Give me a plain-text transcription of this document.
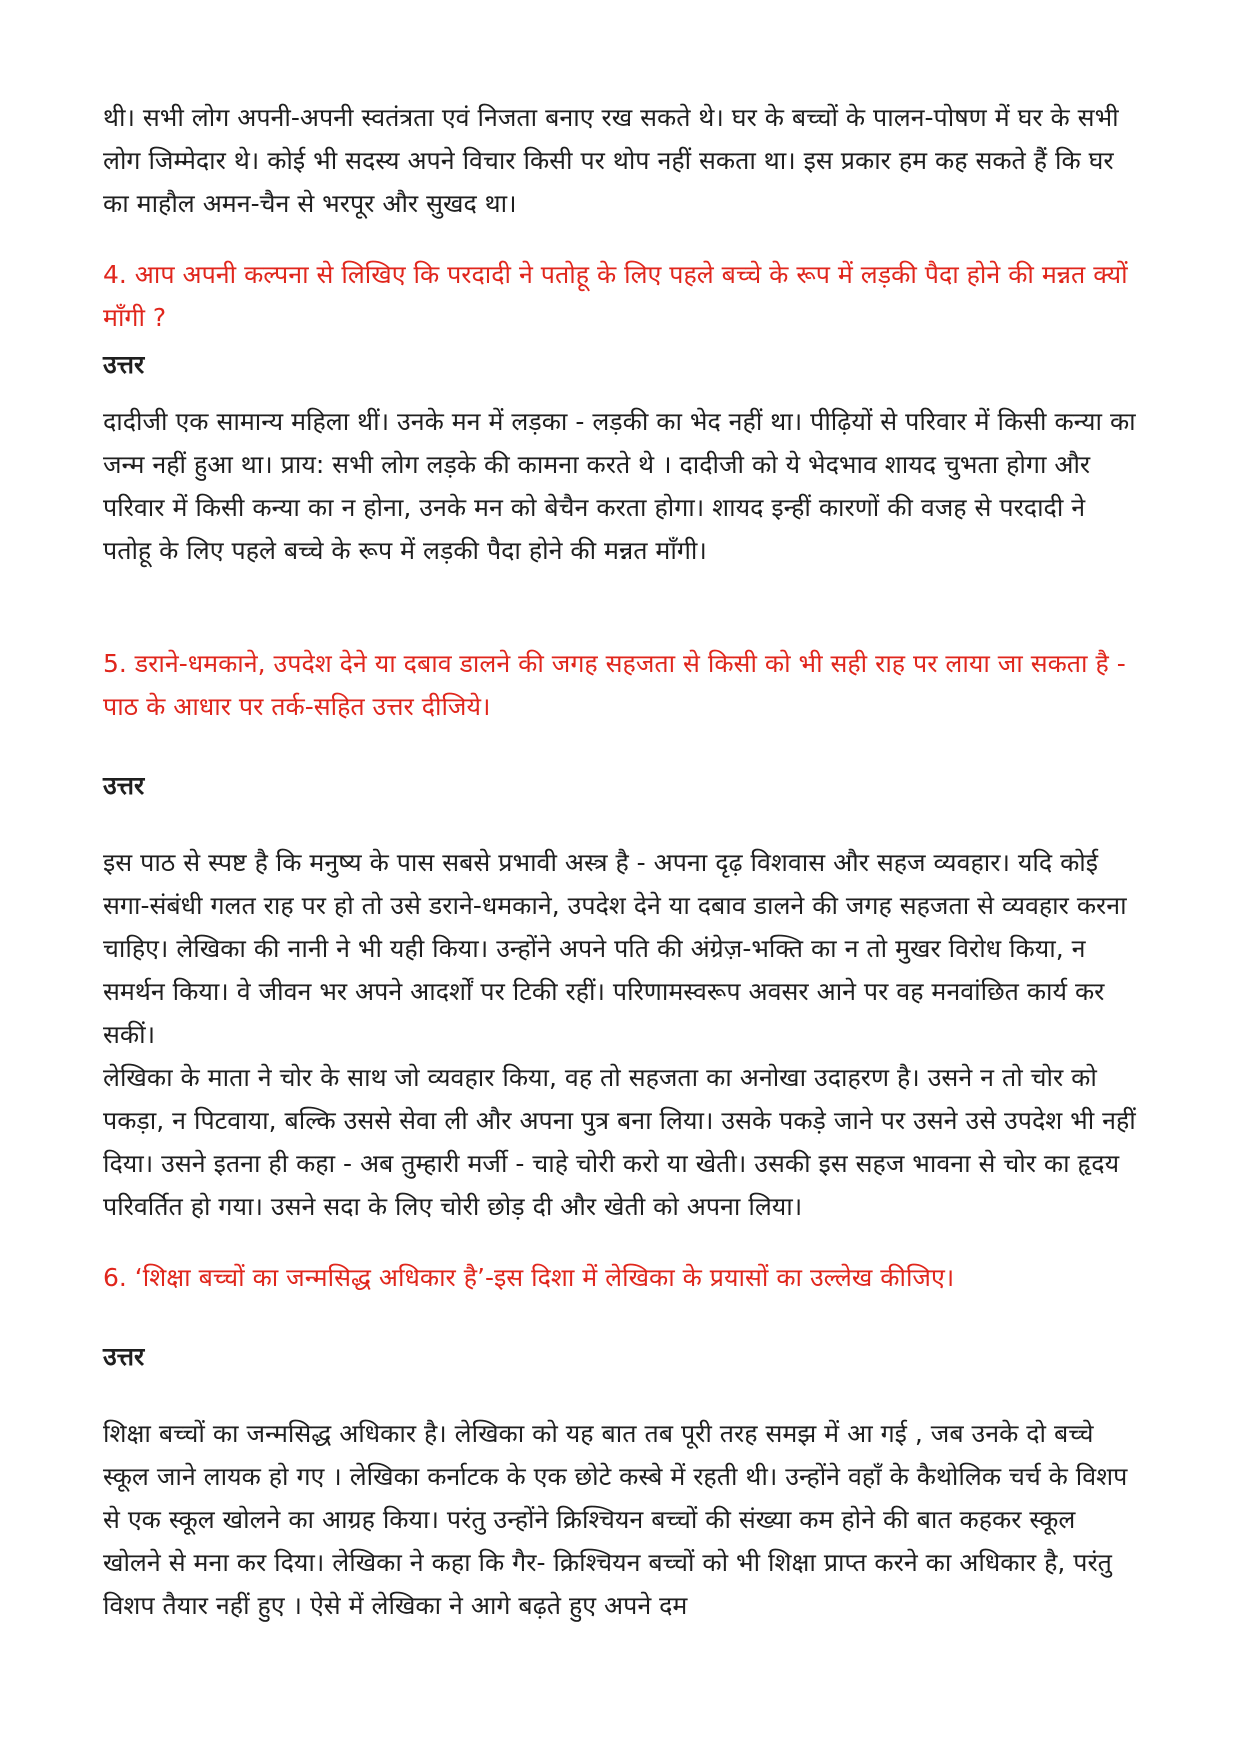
थी। सभी लोग अपनी-अपनी स्वतंत्रता एवं निजता बनाए रख सकते थे। घर के बच्चों के पालन-पोषण में घर के सभी लोग जिम्मेदार थे। कोई भी सदस्य अपने विचार किसी पर थोप नहीं सकता था। इस प्रकार हम कह सकते हैं कि घर का माहौल अमन-चैन से भरपूर और सुखद था।

4. आप अपनी कल्पना से लिखिए कि परदादी ने पतोहू के लिए पहले बच्चे के रूप में लड़की पैदा होने की मन्नत क्यों माँगी ?

उत्तर

दादीजी एक सामान्य महिला थीं। उनके मन में लड़का - लड़की का भेद नहीं था। पीढ़ियों से परिवार में किसी कन्या का जन्म नहीं हुआ था। प्राय: सभी लोग लड़के की कामना करते थे । दादीजी को ये भेदभाव शायद चुभता होगा और परिवार में किसी कन्या का न होना, उनके मन को बेचैन करता होगा। शायद इन्हीं कारणों की वजह से परदादी ने पतोहू के लिए पहले बच्चे के रूप में लड़की पैदा होने की मन्नत माँगी।

5. डराने-धमकाने, उपदेश देने या दबाव डालने की जगह सहजता से किसी को भी सही राह पर लाया जा सकता है - पाठ के आधार पर तर्क-सहित उत्तर दीजिये।

उत्तर

इस पाठ से स्पष्ट है कि मनुष्य के पास सबसे प्रभावी अस्त्र है - अपना दृढ़ विशवास और सहज व्यवहार। यदि कोई सगा-संबंधी गलत राह पर हो तो उसे डराने-धमकाने, उपदेश देने या दबाव डालने की जगह सहजता से व्यवहार करना चाहिए। लेखिका की नानी ने भी यही किया। उन्होंने अपने पति की अंग्रेज़-भक्ति का न तो मुखर विरोध किया, न समर्थन किया। वे जीवन भर अपने आदर्शों पर टिकी रहीं। परिणामस्वरूप अवसर आने पर वह मनवांछित कार्य कर सकीं।

लेखिका के माता ने चोर के साथ जो व्यवहार किया, वह तो सहजता का अनोखा उदाहरण है। उसने न तो चोर को पकड़ा, न पिटवाया, बल्कि उससे सेवा ली और अपना पुत्र बना लिया। उसके पकड़े जाने पर उसने उसे उपदेश भी नहीं दिया। उसने इतना ही कहा - अब तुम्हारी मर्जी - चाहे चोरी करो या खेती। उसकी इस सहज भावना से चोर का हृदय परिवर्तित हो गया। उसने सदा के लिए चोरी छोड़ दी और खेती को अपना लिया।

6. ‘शिक्षा बच्चों का जन्मसिद्ध अधिकार है’-इस दिशा में लेखिका के प्रयासों का उल्लेख कीजिए।

उत्तर

शिक्षा बच्चों का जन्मसिद्ध अधिकार है। लेखिका को यह बात तब पूरी तरह समझ में आ गई , जब उनके दो बच्चे स्कूल जाने लायक हो गए । लेखिका कर्नाटक के एक छोटे कस्बे में रहती थी। उन्होंने वहाँ के कैथोलिक चर्च के विशप से एक स्कूल खोलने का आग्रह किया। परंतु उन्होंने क्रिश्चियन बच्चों की संख्या कम होने की बात कहकर स्कूल खोलने से मना कर दिया। लेखिका ने कहा कि गैर- क्रिश्चियन बच्चों को भी शिक्षा प्राप्त करने का अधिकार है, परंतु विशप तैयार नहीं हुए । ऐसे में लेखिका ने आगे बढ़ते हुए अपने दम
